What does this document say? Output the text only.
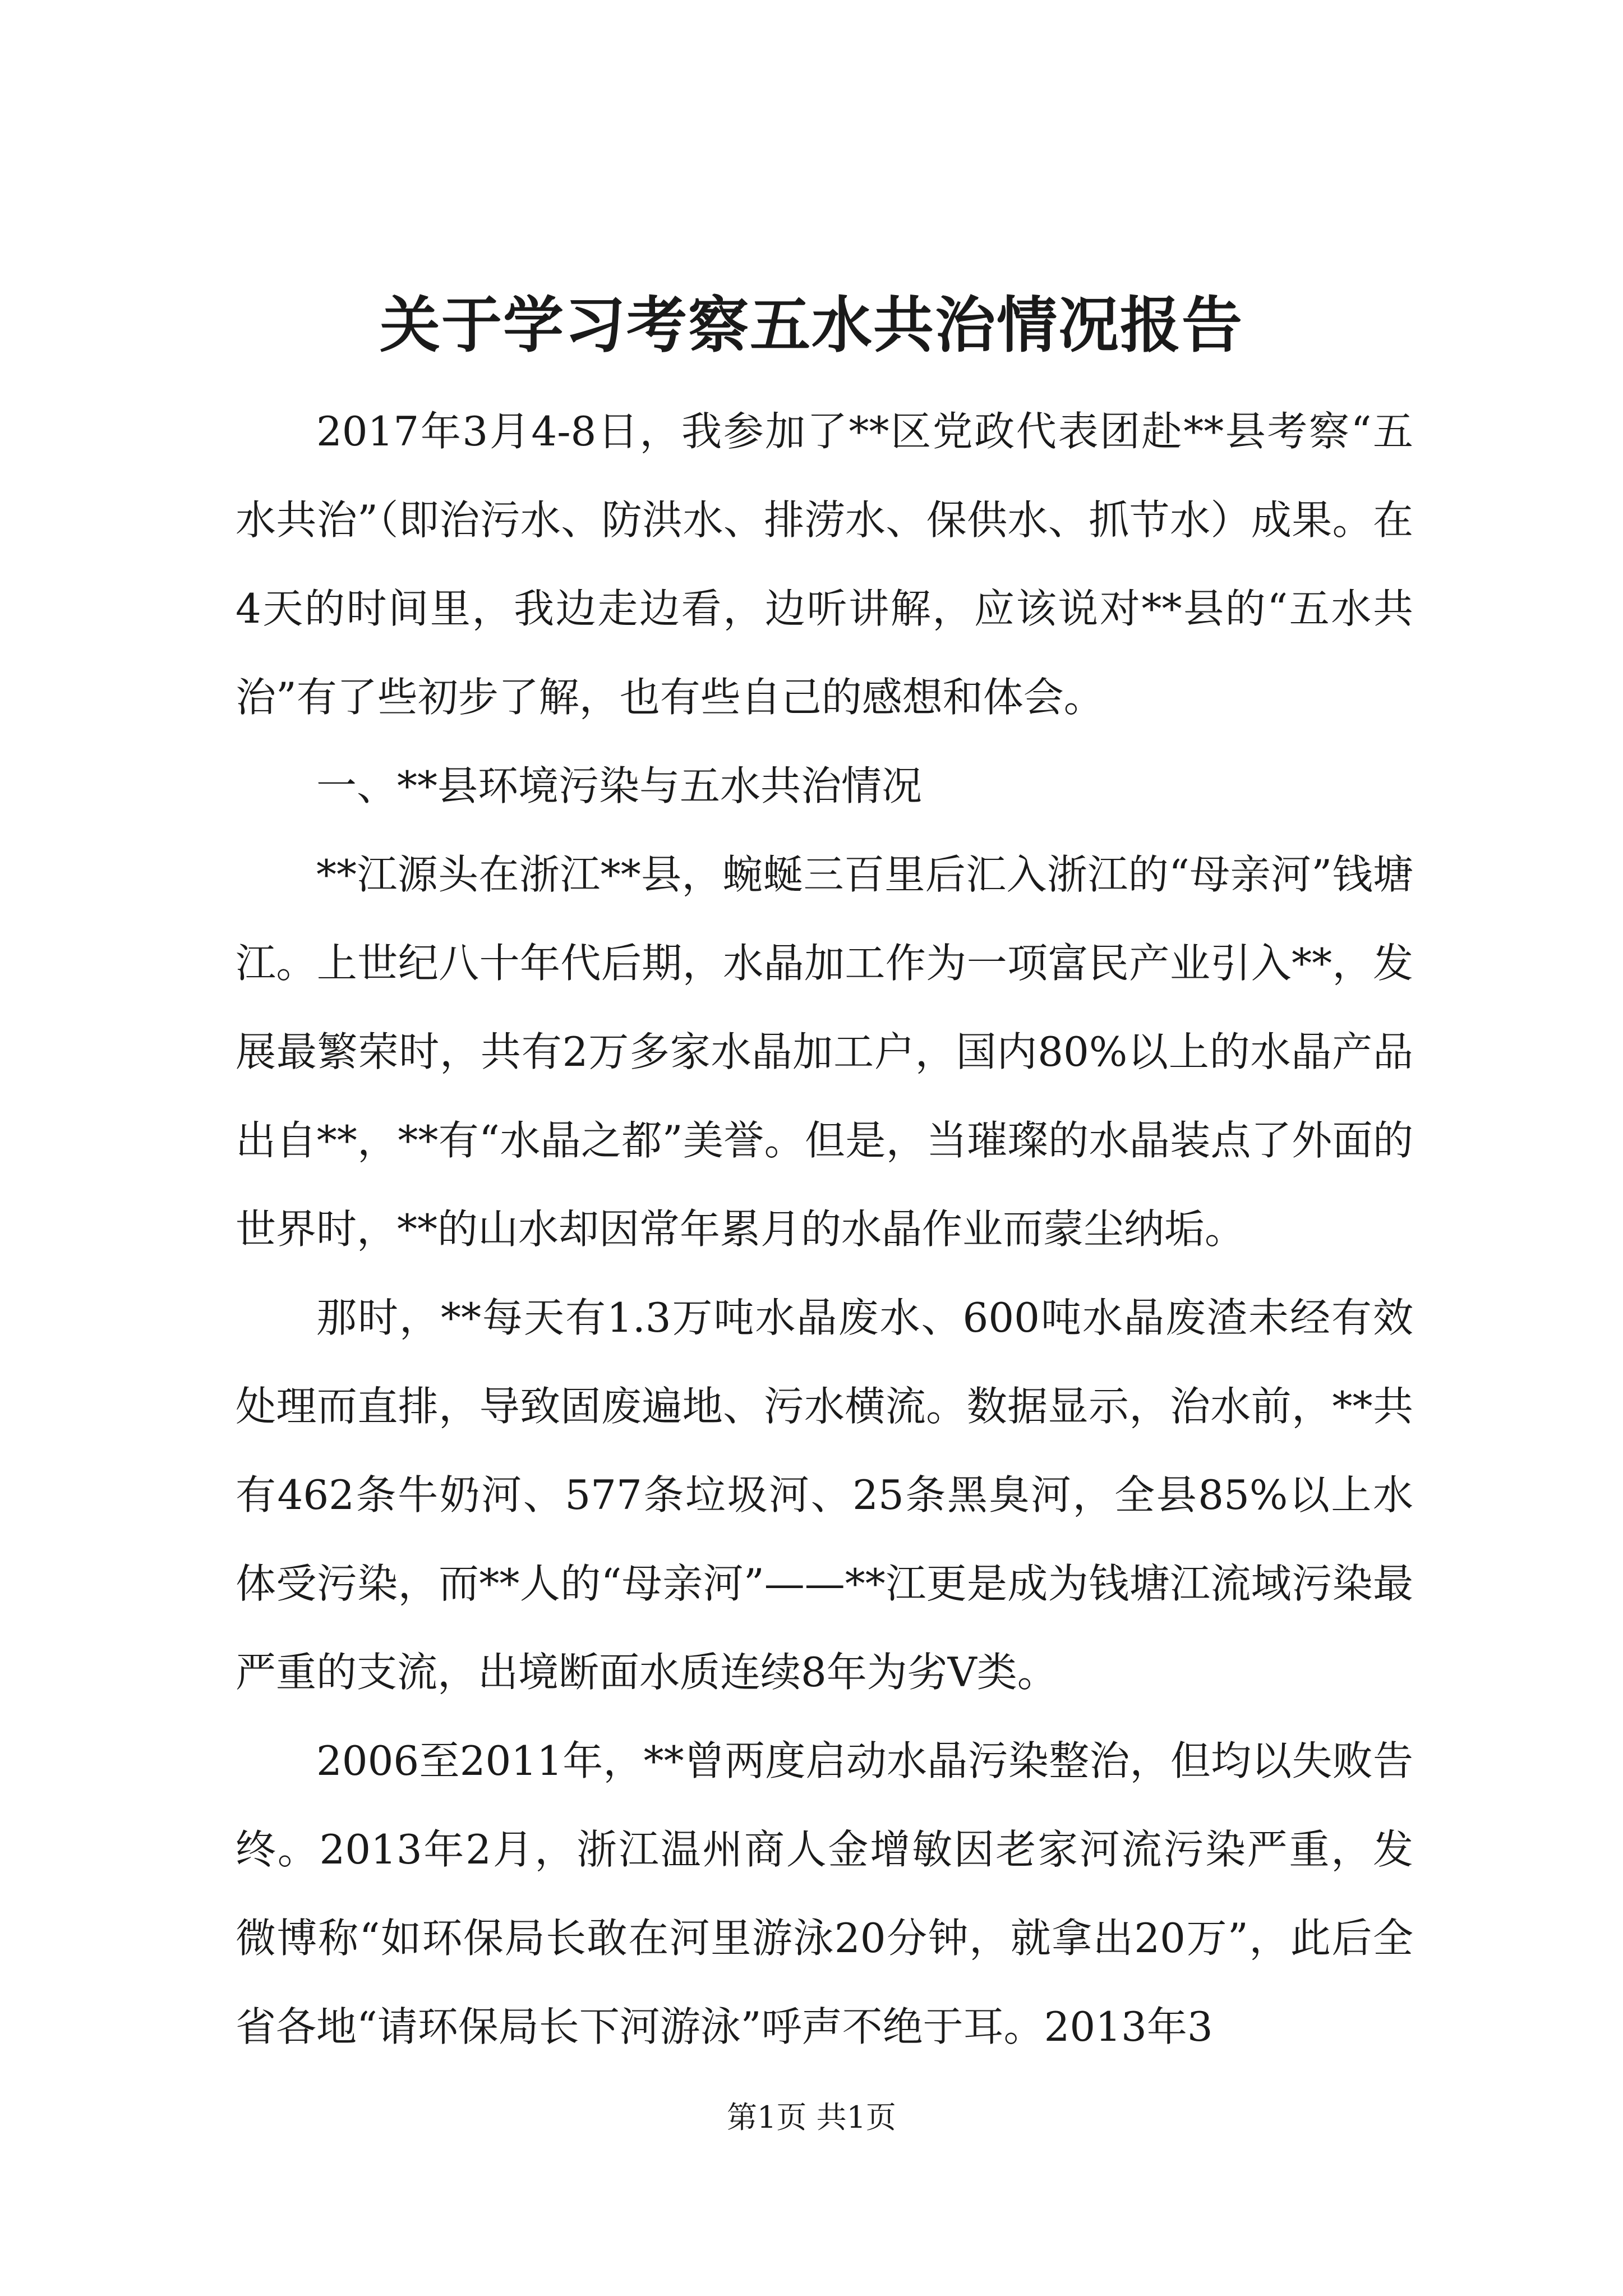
关于学习考察五水共治情况报告

2017年3月4-8日，我参加了**区党政代表团赴**县考察“五水共治”（即治污水、防洪水、排涝水、保供水、抓节水）成果。在4天的时间里，我边走边看，边听讲解，应该说对**县的“五水共治”有了些初步了解，也有些自己的感想和体会。

一、**县环境污染与五水共治情况

**江源头在浙江**县，蜿蜒三百里后汇入浙江的“母亲河”钱塘江。上世纪八十年代后期，水晶加工作为一项富民产业引入**，发展最繁荣时，共有2万多家水晶加工户，国内80%以上的水晶产品出自**，**有“水晶之都”美誉。但是，当璀璨的水晶装点了外面的世界时，**的山水却因常年累月的水晶作业而蒙尘纳垢。

那时，**每天有1.3万吨水晶废水、600吨水晶废渣未经有效处理而直排，导致固废遍地、污水横流。数据显示，治水前，**共有462条牛奶河、577条垃圾河、25条黑臭河，全县85%以上水体受污染，而**人的“母亲河”——**江更是成为钱塘江流域污染最严重的支流，出境断面水质连续8年为劣Ⅴ类。

2006至2011年，**曾两度启动水晶污染整治，但均以失败告终。2013年2月，浙江温州商人金增敏因老家河流污染严重，发微博称“如环保局长敢在河里游泳20分钟，就拿出20万”，此后全省各地“请环保局长下河游泳”呼声不绝于耳。2013年3

第1页 共1页
